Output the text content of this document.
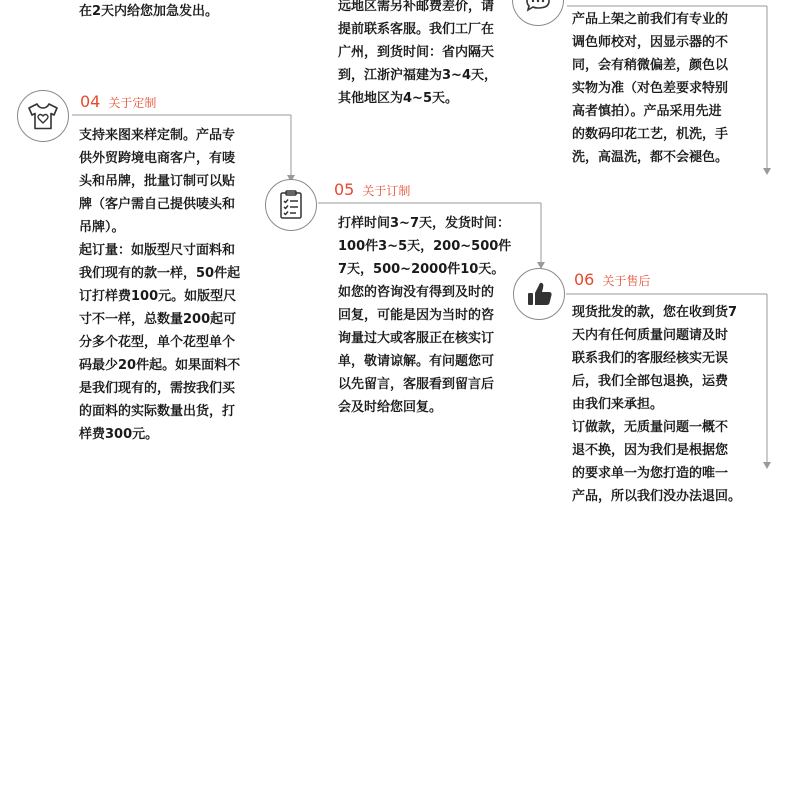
在2天内给您加急发出。	远地区需另补邮费差价，请
提前联系客服。我们工厂在
广州，到货时间：省内隔天
到，江浙沪福建为3~4天，
其他地区为4~5天。
产品上架之前我们有专业的
调色师校对，因显示器的不
同，会有稍微偏差，颜色以
实物为准（对色差要求特别
高者慎拍）。产品采用先进
的数码印花工艺，机洗，手
洗，高温洗，都不会褪色。
04 关于定制
支持来图来样定制。产品专
供外贸跨境电商客户，有唛
头和吊牌，批量订制可以贴
牌（客户需自己提供唛头和
吊牌）。
起订量：如版型尺寸面料和
我们现有的款一样，50件起
订打样费100元。如版型尺
寸不一样，总数量200起可
分多个花型，单个花型单个
码最少20件起。如果面料不
是我们现有的，需按我们买
的面料的实际数量出货，打
样费300元。
05 关于订制
打样时间3~7天，发货时间：
100件3~5天，200~500件
7天，500~2000件10天。
如您的咨询没有得到及时的
回复，可能是因为当时的咨
询量过大或客服正在核实订
单，敬请谅解。有问题您可
以先留言，客服看到留言后
会及时给您回复。
06 关于售后
现货批发的款，您在收到货7
天内有任何质量问题请及时
联系我们的客服经核实无误
后，我们全部包退换，运费
由我们来承担。
订做款，无质量问题一概不
退不换，因为我们是根据您
的要求单一为您打造的唯一
产品，所以我们没办法退回。
